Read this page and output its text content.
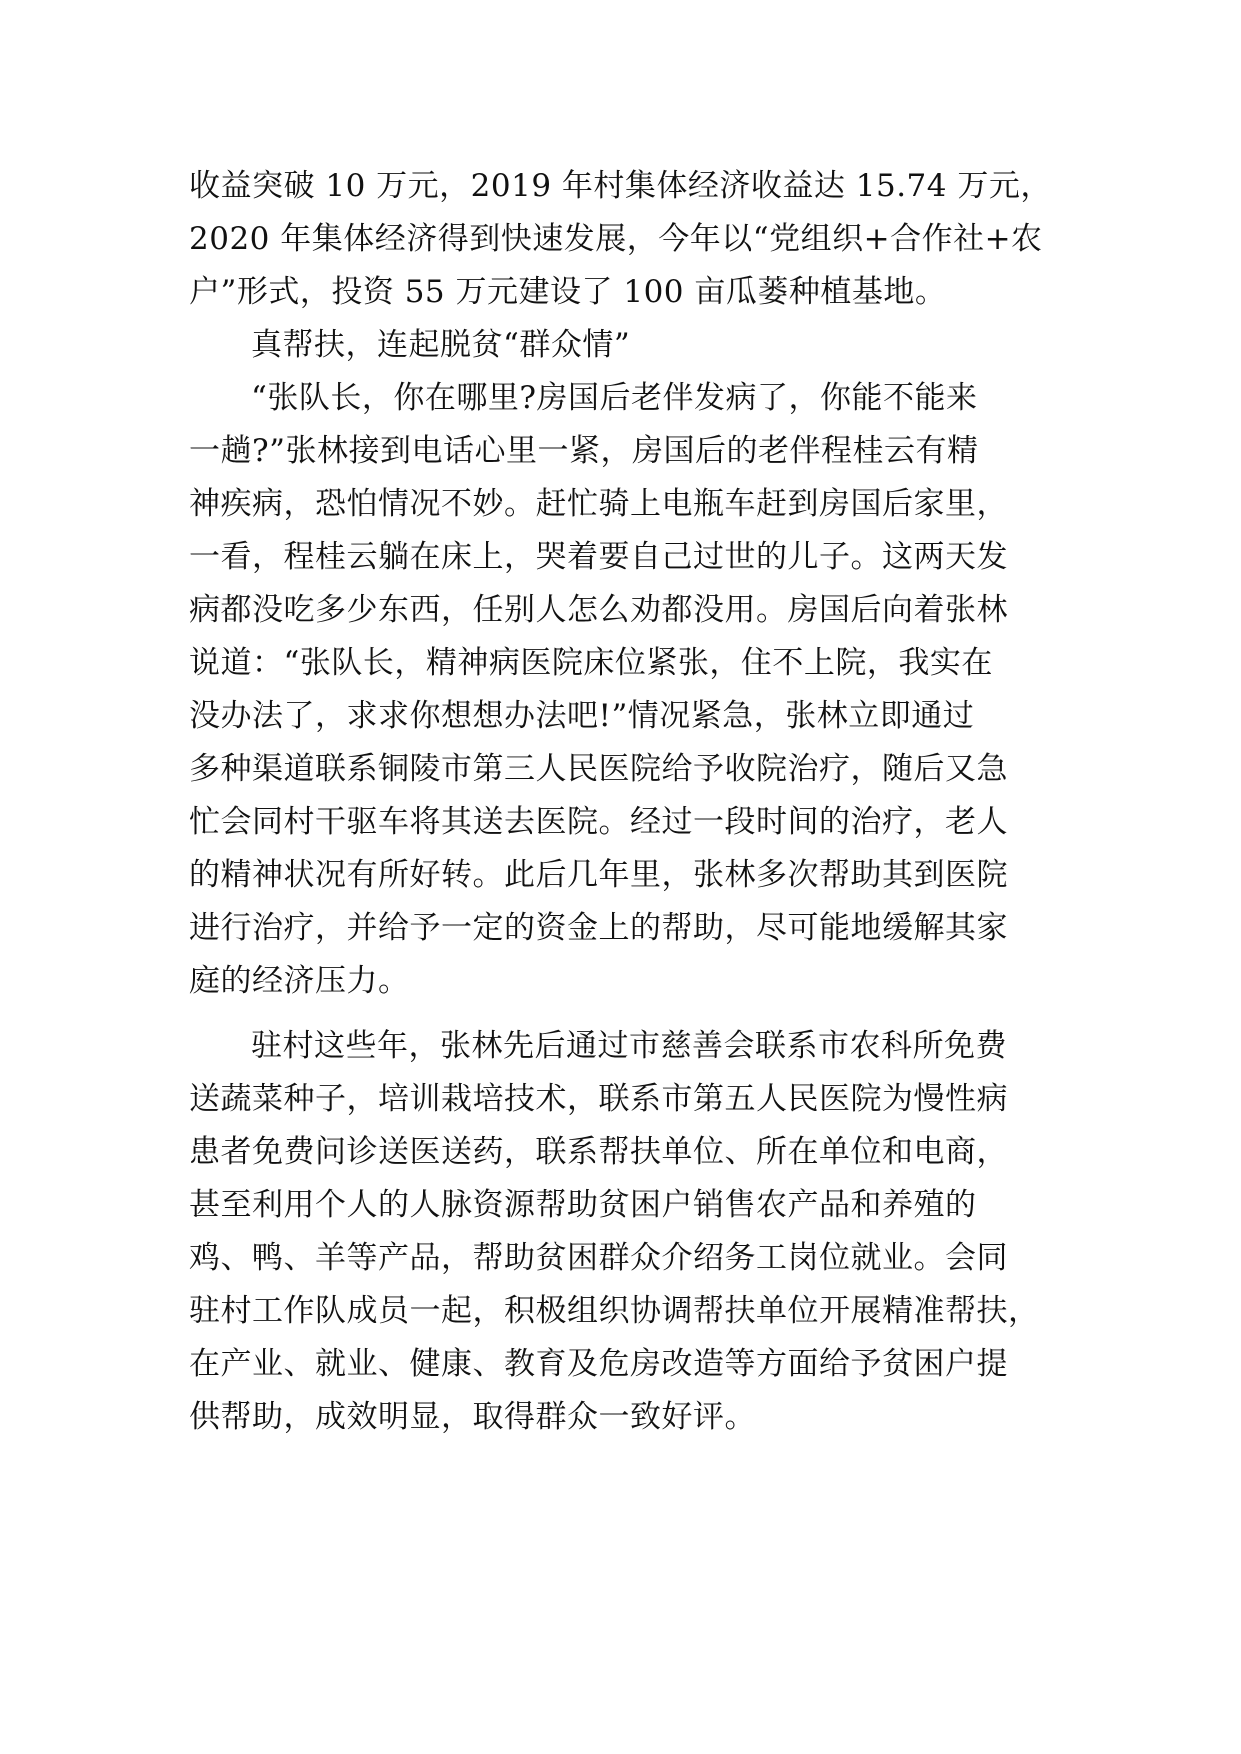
收益突破 10 万元，2019 年村集体经济收益达 15.74 万元，
2020 年集体经济得到快速发展，今年以“党组织+合作社+农
户”形式，投资 55 万元建设了 100 亩瓜蒌种植基地。
真帮扶，连起脱贫“群众情”
“张队长，你在哪里?房国后老伴发病了，你能不能来
一趟?”张林接到电话心里一紧，房国后的老伴程桂云有精
神疾病，恐怕情况不妙。赶忙骑上电瓶车赶到房国后家里，
一看，程桂云躺在床上，哭着要自己过世的儿子。这两天发
病都没吃多少东西，任别人怎么劝都没用。房国后向着张林
说道：“张队长，精神病医院床位紧张，住不上院，我实在
没办法了，求求你想想办法吧!”情况紧急，张林立即通过
多种渠道联系铜陵市第三人民医院给予收院治疗，随后又急
忙会同村干驱车将其送去医院。经过一段时间的治疗，老人
的精神状况有所好转。此后几年里，张林多次帮助其到医院
进行治疗，并给予一定的资金上的帮助，尽可能地缓解其家
庭的经济压力。
驻村这些年，张林先后通过市慈善会联系市农科所免费
送蔬菜种子，培训栽培技术，联系市第五人民医院为慢性病
患者免费问诊送医送药，联系帮扶单位、所在单位和电商，
甚至利用个人的人脉资源帮助贫困户销售农产品和养殖的
鸡、鸭、羊等产品，帮助贫困群众介绍务工岗位就业。会同
驻村工作队成员一起，积极组织协调帮扶单位开展精准帮扶，
在产业、就业、健康、教育及危房改造等方面给予贫困户提
供帮助，成效明显，取得群众一致好评。
